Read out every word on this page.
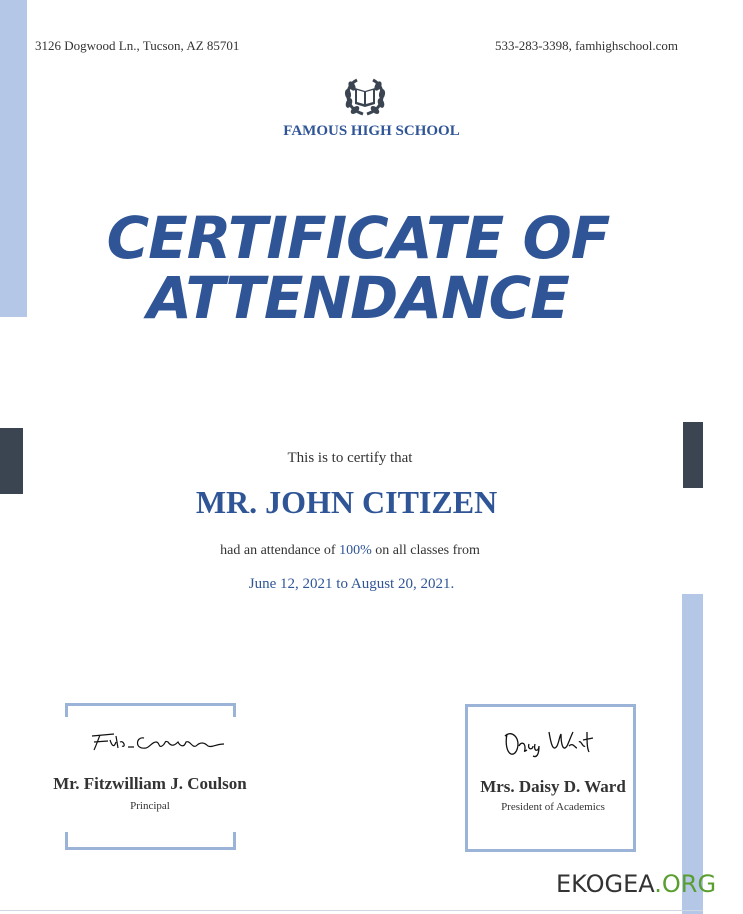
3126 Dogwood Ln., Tucson, AZ 85701	533-283-3398, famhighschool.com
FAMOUS HIGH SCHOOL
CERTIFICATE OF
ATTENDANCE
This is to certify that
MR. JOHN CITIZEN
had an attendance of 100% on all classes from
June 12, 2021 to August 20, 2021.
Mr. Fitzwilliam J. Coulson
Principal
Mrs. Daisy D. Ward
President of Academics
EKOGEA.ORG
